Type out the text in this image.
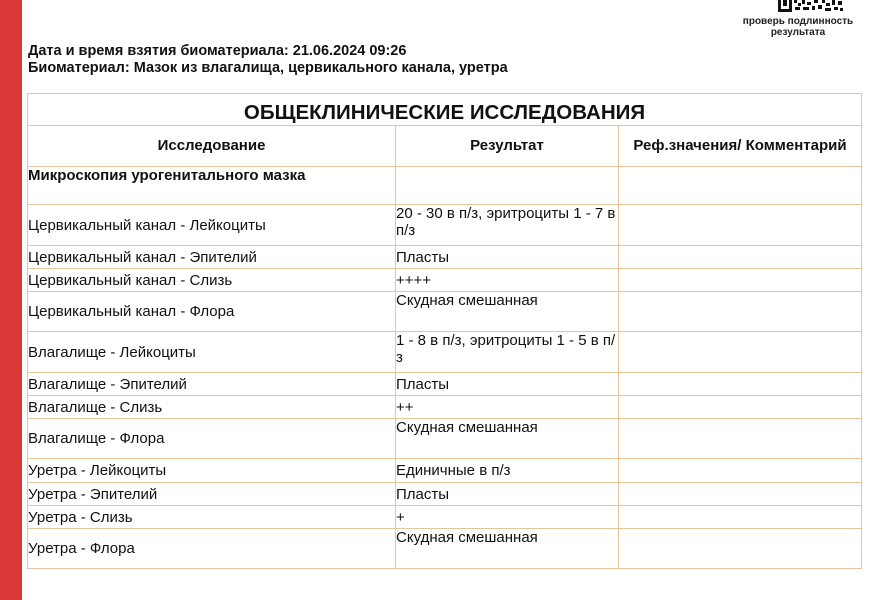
проверь подлинность результата
Дата и время взятия биоматериала: 21.06.2024 09:26
Биоматериал: Мазок из влагалища, цервикального канала, уретра
ОБЩЕКЛИНИЧЕСКИЕ ИССЛЕДОВАНИЯ		
Исследование	Результат	Реф.значения/ Комментарий
Микроскопия урогенитального мазка		
Цервикальный канал - Лейкоциты	20 - 30 в п/з, эритроциты 1 - 7 в п/з	
Цервикальный канал - Эпителий	Пласты	
Цервикальный канал - Слизь	++++	
Цервикальный канал - Флора	Скудная смешанная	
Влагалище - Лейкоциты	1 - 8 в п/з, эритроциты 1 - 5 в п/з	
Влагалище - Эпителий	Пласты	
Влагалище - Слизь	++	
Влагалище - Флора	Скудная смешанная	
Уретра - Лейкоциты	Единичные в п/з	
Уретра - Эпителий	Пласты	
Уретра - Слизь	+	
Уретра - Флора	Скудная смешанная	
